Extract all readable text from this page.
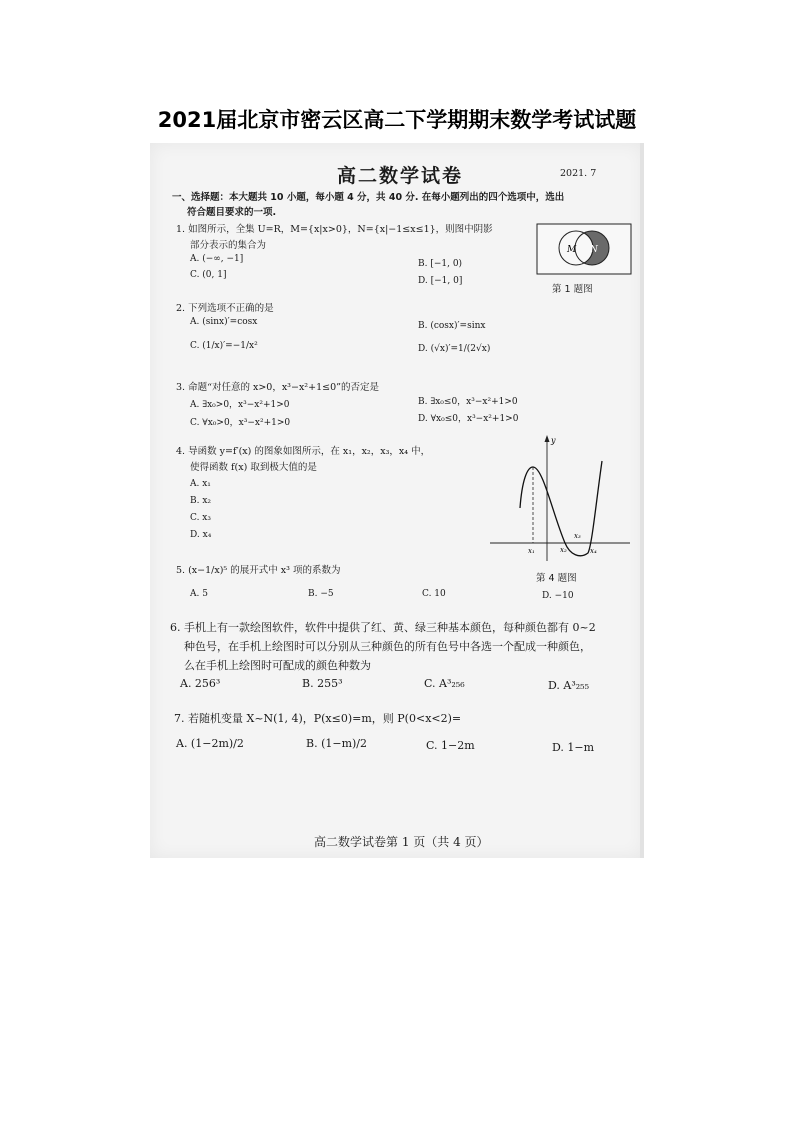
2021届北京市密云区高二下学期期末数学考试试题
高二数学试卷	2021. 7
一、选择题：本大题共 10 小题，每小题 4 分，共 40 分. 在每小题列出的四个选项中，选出
符合题目要求的一项.
1. 如图所示，全集 U=R，M={x|x>0}，N={x|−1≤x≤1}，则图中阴影
部分表示的集合为
A. (−∞, −1]	B. [−1, 0)
C. (0, 1]
D. [−1, 0]
M N
第 1 题图
2. 下列选项不正确的是
A. (sinx)′=cosx	B. (cosx)′=sinx
C. (1/x)′=−1/x²	D. (√x)′=1/(2√x)
3. 命题“对任意的 x>0，x³−x²+1≤0”的否定是
A. ∃x₀>0，x³−x²+1>0	B. ∃x₀≤0，x³−x²+1>0
C. ∀x₀>0，x³−x²+1>0	D. ∀x₀≤0，x³−x²+1>0
4. 导函数 y=f′(x) 的图象如图所示，在 x₁，x₂，x₃，x₄ 中，
使得函数 f(x) 取到极大值的是
A. x₁
B. x₂
C. x₃
D. x₄
y
x₁	x₂
x₃
x₄
第 4 题图
5. (x−1/x)⁵ 的展开式中 x³ 项的系数为
A. 5	B. −5	C. 10	D. −10
6. 手机上有一款绘图软件，软件中提供了红、黄、绿三种基本颜色，每种颜色都有 0~2
种色号，在手机上绘图时可以分别从三种颜色的所有色号中各选一个配成一种颜色，
么在手机上绘图时可配成的颜色种数为
A. 256³	B. 255³	C. A³₂₅₆	D. A³₂₅₅
7. 若随机变量 X~N(1, 4)，P(x≤0)=m，则 P(0<x<2)=
A. (1−2m)/2	B. (1−m)/2	C. 1−2m	D. 1−m
高二数学试卷第 1 页（共 4 页）
